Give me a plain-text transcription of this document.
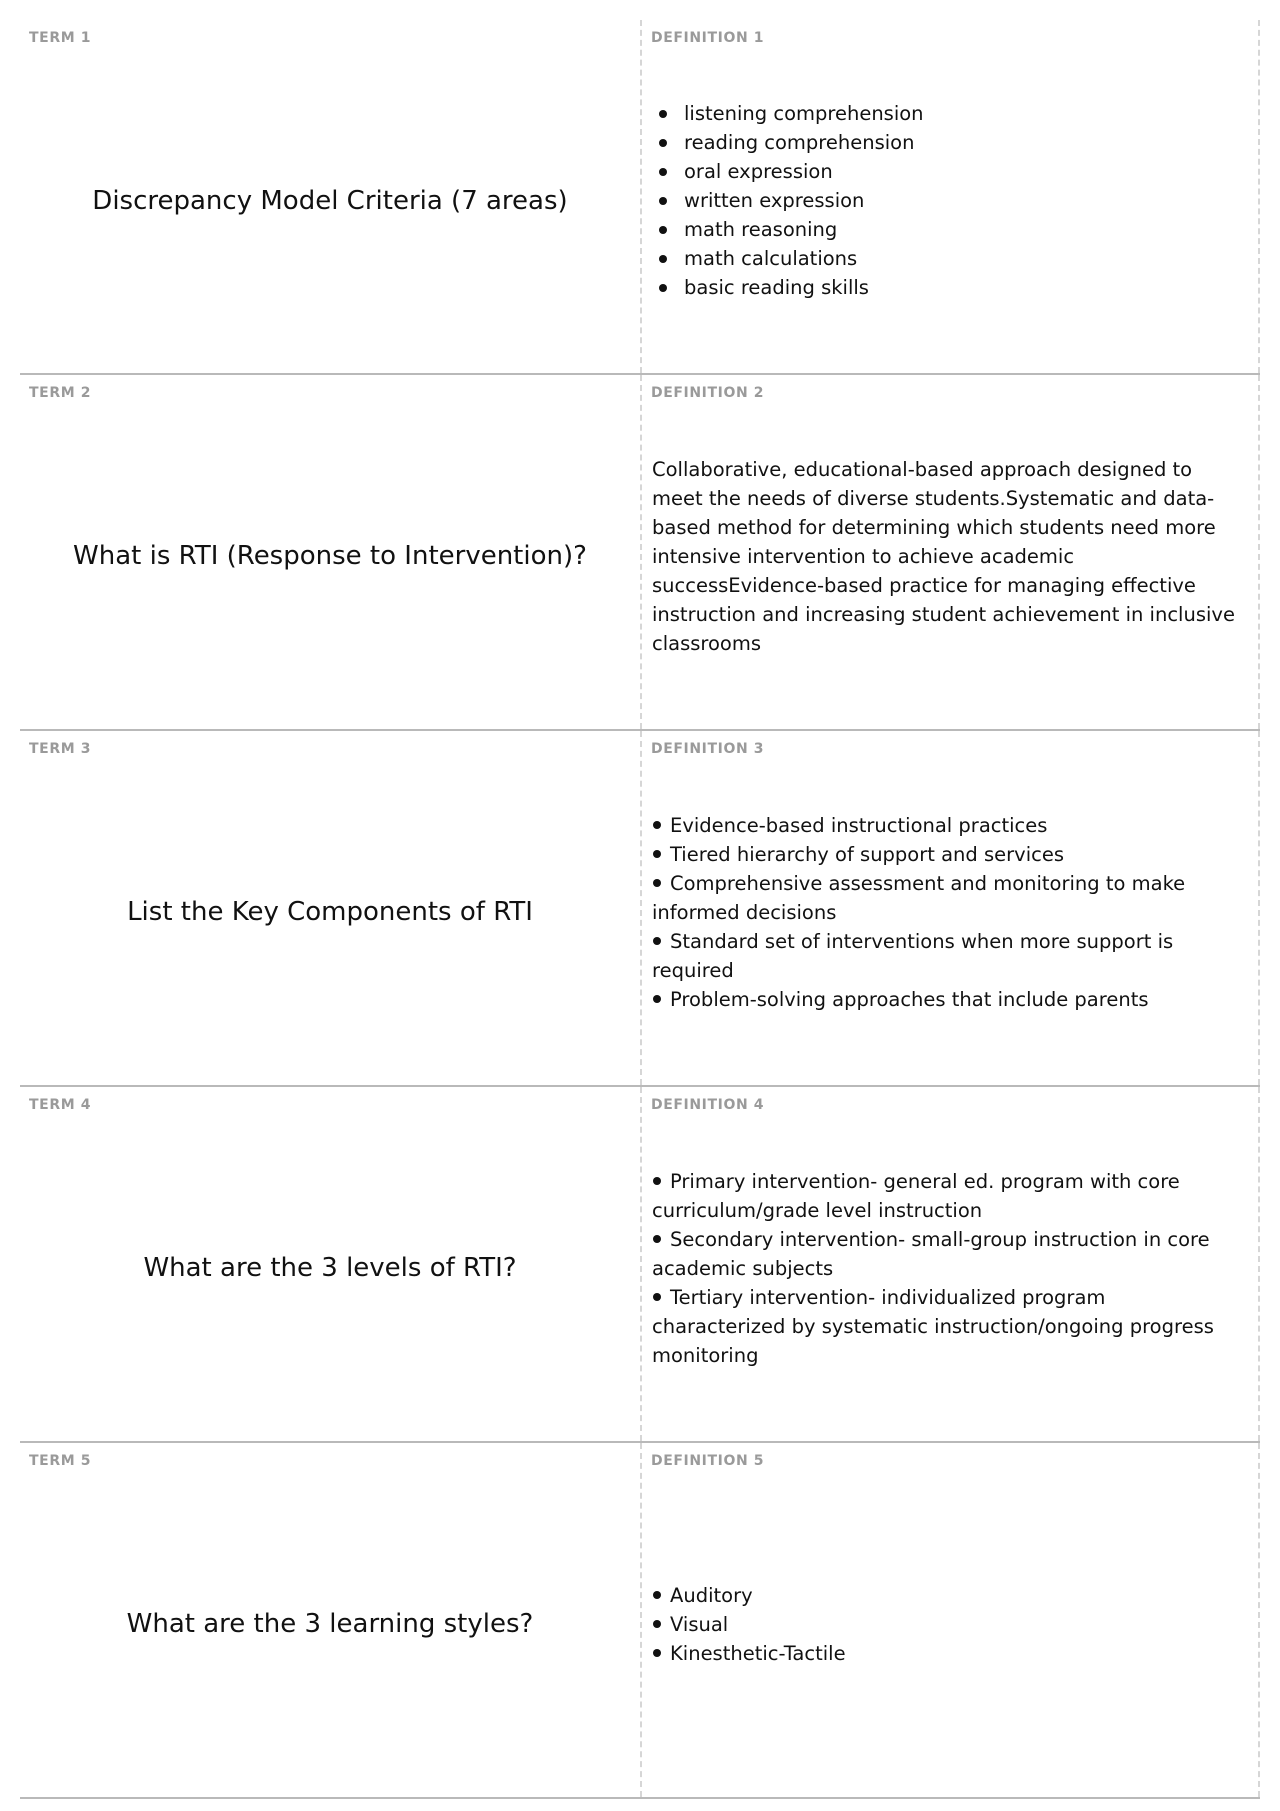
TERM 1
Discrepancy Model Criteria (7 areas)
DEFINITION 1
listening comprehension
reading comprehension
oral expression
written expression
math reasoning
math calculations
basic reading skills
TERM 2
What is RTI (Response to Intervention)?
DEFINITION 2
Collaborative, educational-based approach designed to meet the needs of diverse students.Systematic and data-based method for determining which students need more intensive intervention to achieve academic successEvidence-based practice for managing effective instruction and increasing student achievement in inclusive classrooms
TERM 3
List the Key Components of RTI
DEFINITION 3
Evidence-based instructional practices
Tiered hierarchy of support and services
Comprehensive assessment and monitoring to make informed decisions
Standard set of interventions when more support is required
Problem-solving approaches that include parents
TERM 4
What are the 3 levels of RTI?
DEFINITION 4
Primary intervention- general ed. program with core curriculum/grade level instruction
Secondary intervention- small-group instruction in core academic subjects
Tertiary intervention- individualized program characterized by systematic instruction/ongoing progress monitoring
TERM 5
What are the 3 learning styles?
DEFINITION 5
Auditory
Visual
Kinesthetic-Tactile
